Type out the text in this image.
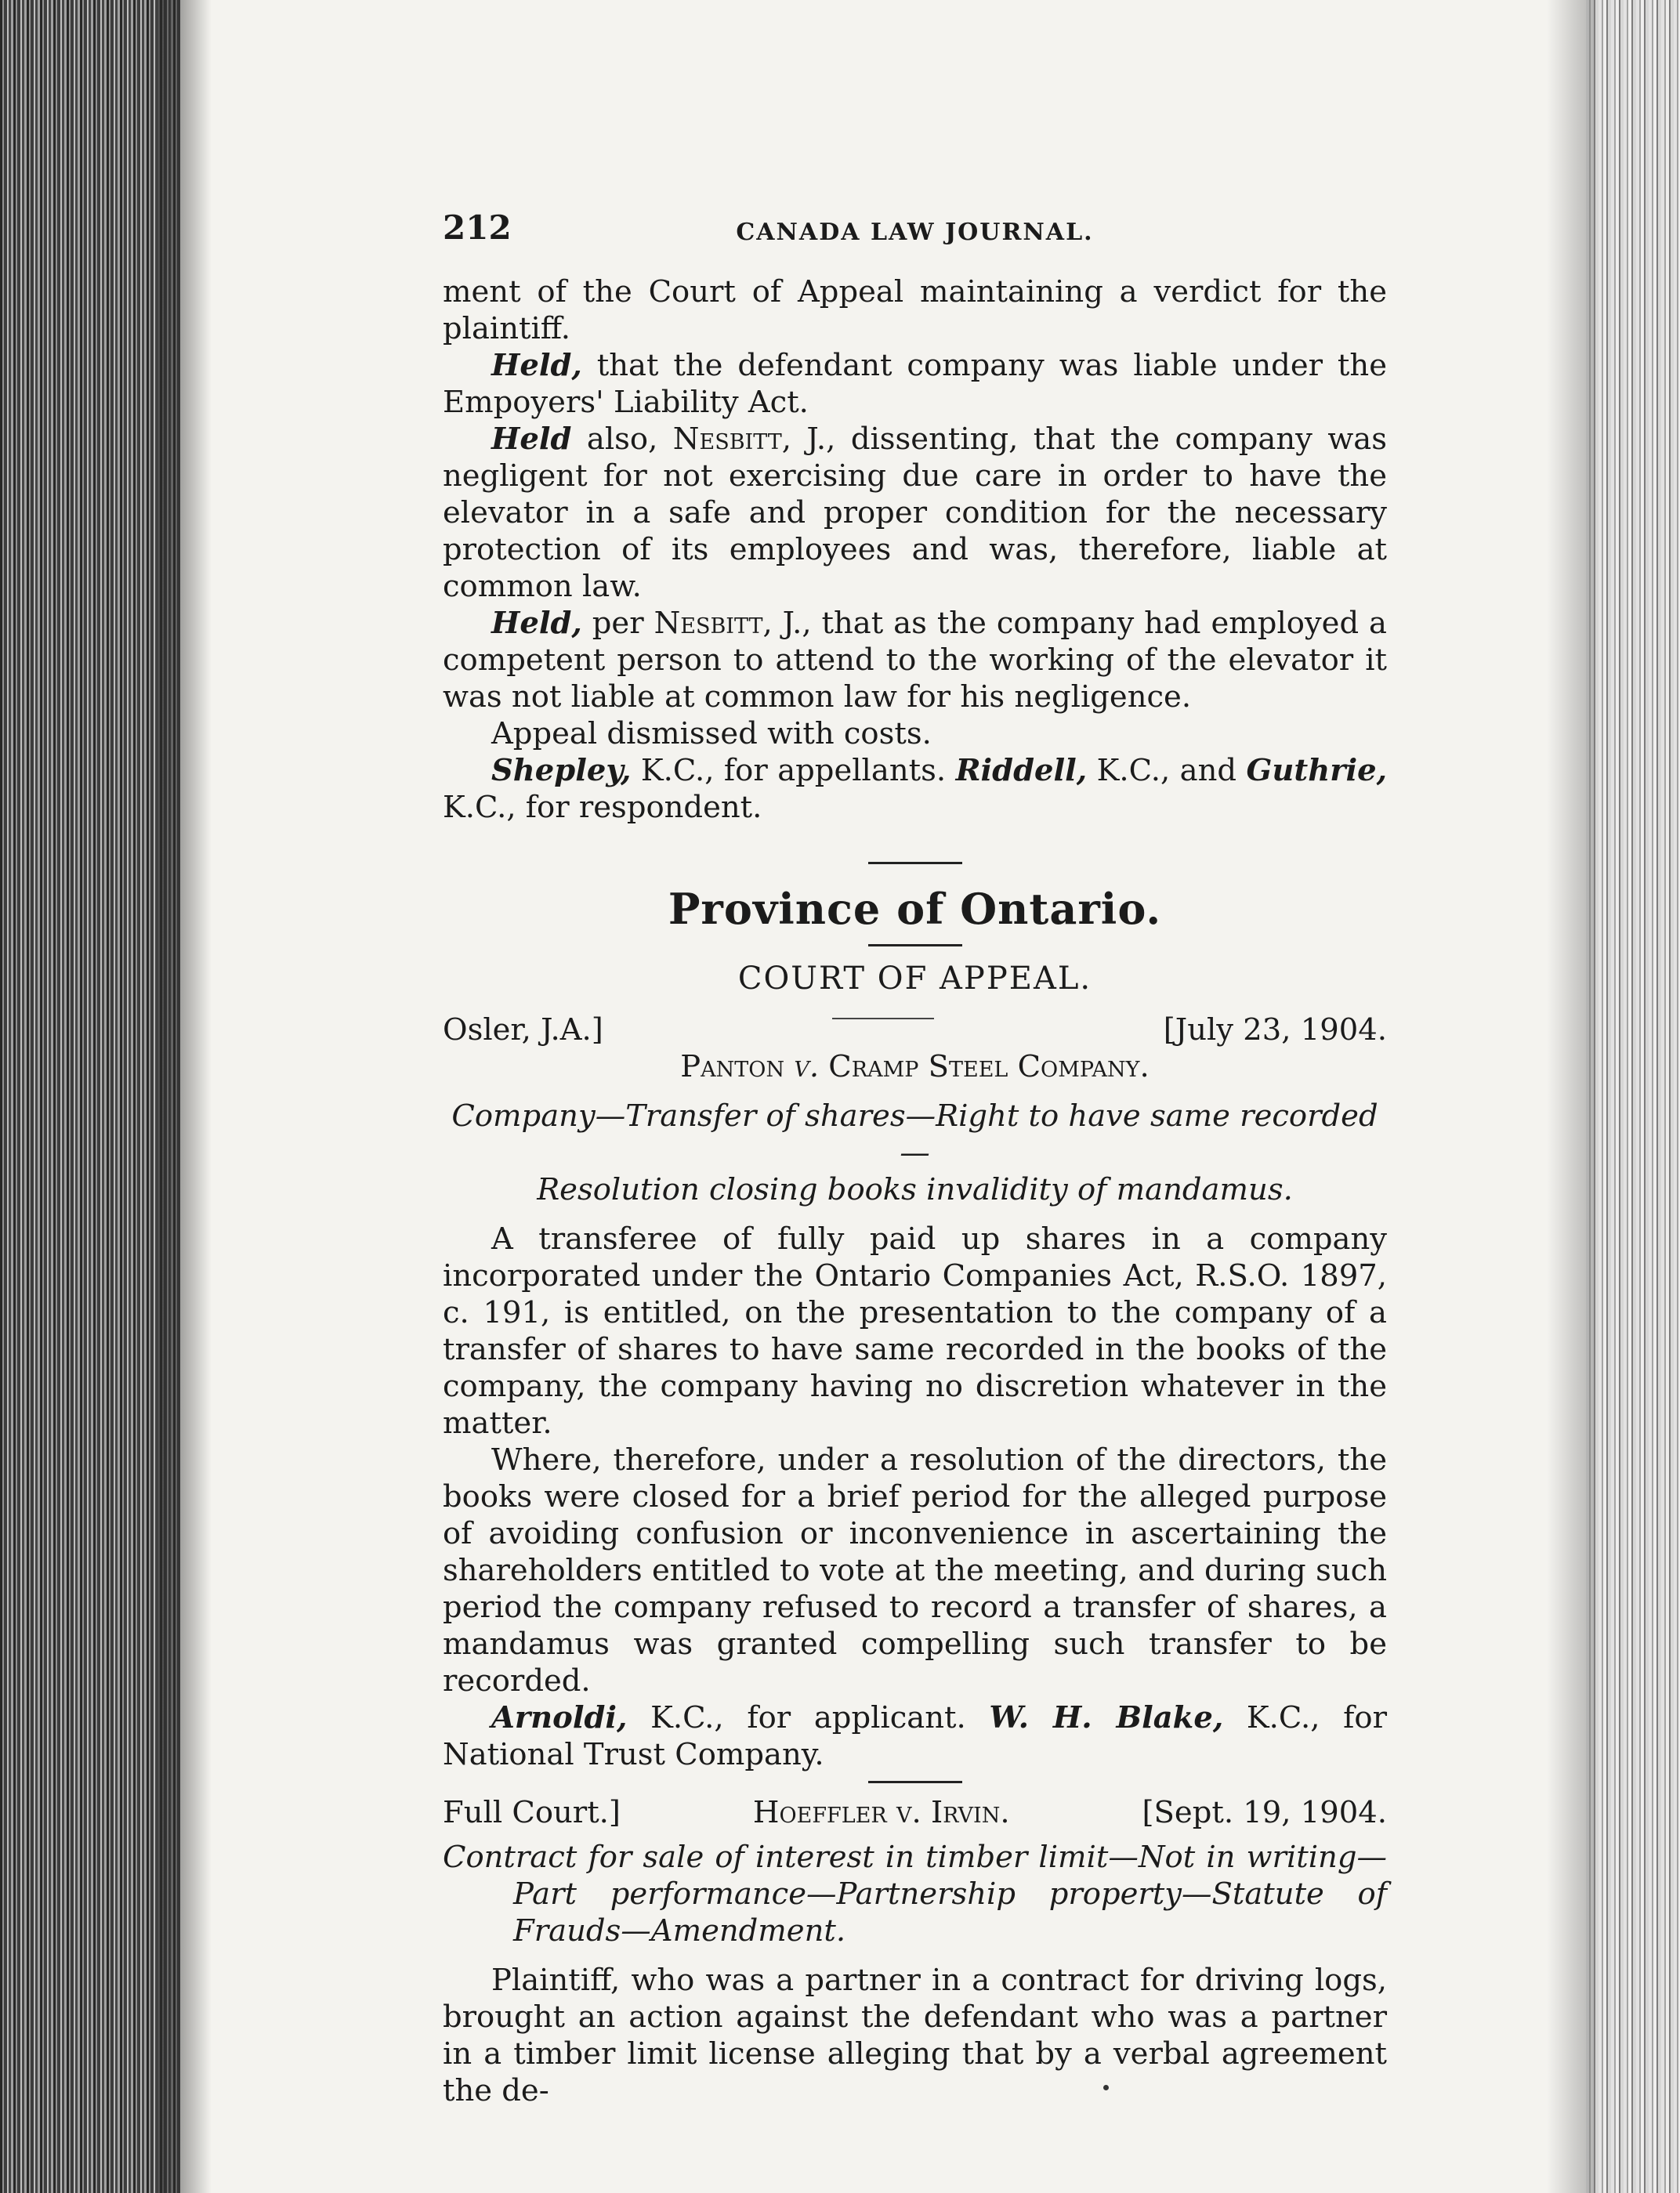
212	CANADA LAW JOURNAL.

ment of the Court of Appeal maintaining a verdict for the plaintiff.

Held, that the defendant company was liable under the Empoyers' Liability Act.

Held also, Nesbitt, J., dissenting, that the company was negligent for not exercising due care in order to have the elevator in a safe and proper condition for the necessary protection of its employees and was, therefore, liable at common law.

Held, per Nesbitt, J., that as the company had employed a competent person to attend to the working of the elevator it was not liable at common law for his negligence.

Appeal dismissed with costs.

Shepley, K.C., for appellants. Riddell, K.C., and Guthrie, K.C., for respondent.

Province of Ontario.
COURT OF APPEAL.
Osler, J.A.]	[July 23, 1904.
Panton v. Cramp Steel Company.
Company—Transfer of shares—Right to have same recorded—
Resolution closing books invalidity of mandamus.

A transferee of fully paid up shares in a company incorporated under the Ontario Companies Act, R.S.O. 1897, c. 191, is entitled, on the presentation to the company of a transfer of shares to have same recorded in the books of the company, the company having no discretion whatever in the matter.

Where, therefore, under a resolution of the directors, the books were closed for a brief period for the alleged purpose of avoiding confusion or inconvenience in ascertaining the shareholders entitled to vote at the meeting, and during such period the company refused to record a transfer of shares, a mandamus was granted compelling such transfer to be recorded.

Arnoldi, K.C., for applicant. W. H. Blake, K.C., for National Trust Company.

Full Court.]	Hoeffler v. Irvin.	[Sept. 19, 1904.

Contract for sale of interest in timber limit—Not in writing—Part performance—Partnership property—Statute of Frauds—Amendment.

Plaintiff, who was a partner in a contract for driving logs, brought an action against the defendant who was a partner in a timber limit license alleging that by a verbal agreement the de-
